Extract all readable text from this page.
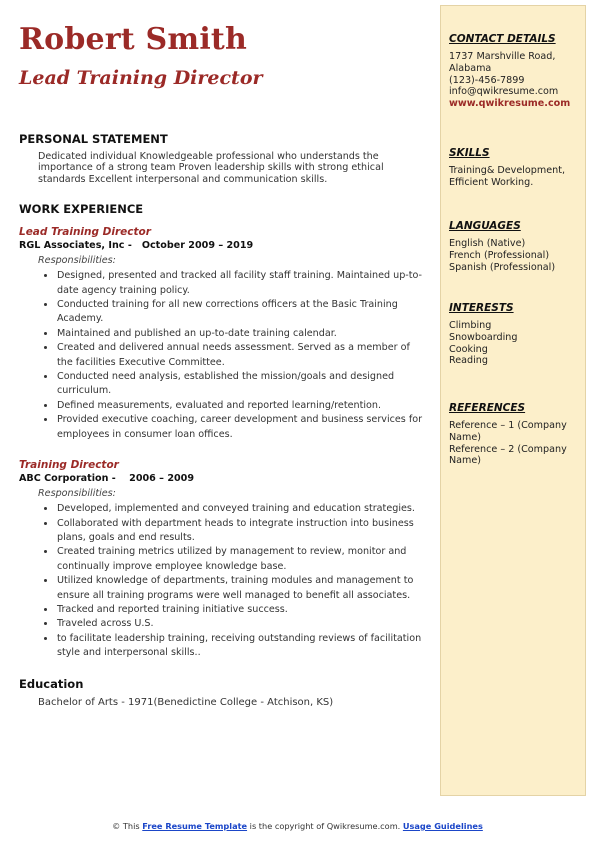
Robert Smith
Lead Training Director
PERSONAL STATEMENT

Dedicated individual Knowledgeable professional who understands the importance of a strong team Proven leadership skills with strong ethical standards Excellent interpersonal and communication skills.

WORK EXPERIENCE

Lead Training Director

RGL Associates, Inc - October 2009 – 2019

Responsibilities:

• Designed, presented and tracked all facility staff training. Maintained up-to-date agency training policy.
• Conducted training for all new corrections officers at the Basic Training Academy.
• Maintained and published an up-to-date training calendar.
• Created and delivered annual needs assessment. Served as a member of the facilities Executive Committee.
• Conducted need analysis, established the mission/goals and designed curriculum.
• Defined measurements, evaluated and reported learning/retention.
• Provided executive coaching, career development and business services for employees in consumer loan offices.

Training Director

ABC Corporation - 2006 – 2009

Responsibilities:

• Developed, implemented and conveyed training and education strategies.
• Collaborated with department heads to integrate instruction into business plans, goals and end results.
• Created training metrics utilized by management to review, monitor and continually improve employee knowledge base.
• Utilized knowledge of departments, training modules and management to ensure all training programs were well managed to benefit all associates.
• Tracked and reported training initiative success.
• Traveled across U.S.
• to facilitate leadership training, receiving outstanding reviews of facilitation style and interpersonal skills..
Education

Bachelor of Arts - 1971(Benedictine College - Atchison, KS)

CONTACT DETAILS

1737 Marshville Road,
Alabama
(123)-456-7899
info@qwikresume.com
www.qwikresume.com

SKILLS

Training& Development, Efficient Working.

LANGUAGES

English (Native)
French (Professional)
Spanish (Professional)

INTERESTS

Climbing
Snowboarding
Cooking
Reading

REFERENCES

Reference – 1 (Company Name)
Reference – 2 (Company Name)
© This Free Resume Template is the copyright of Qwikresume.com. Usage Guidelines
